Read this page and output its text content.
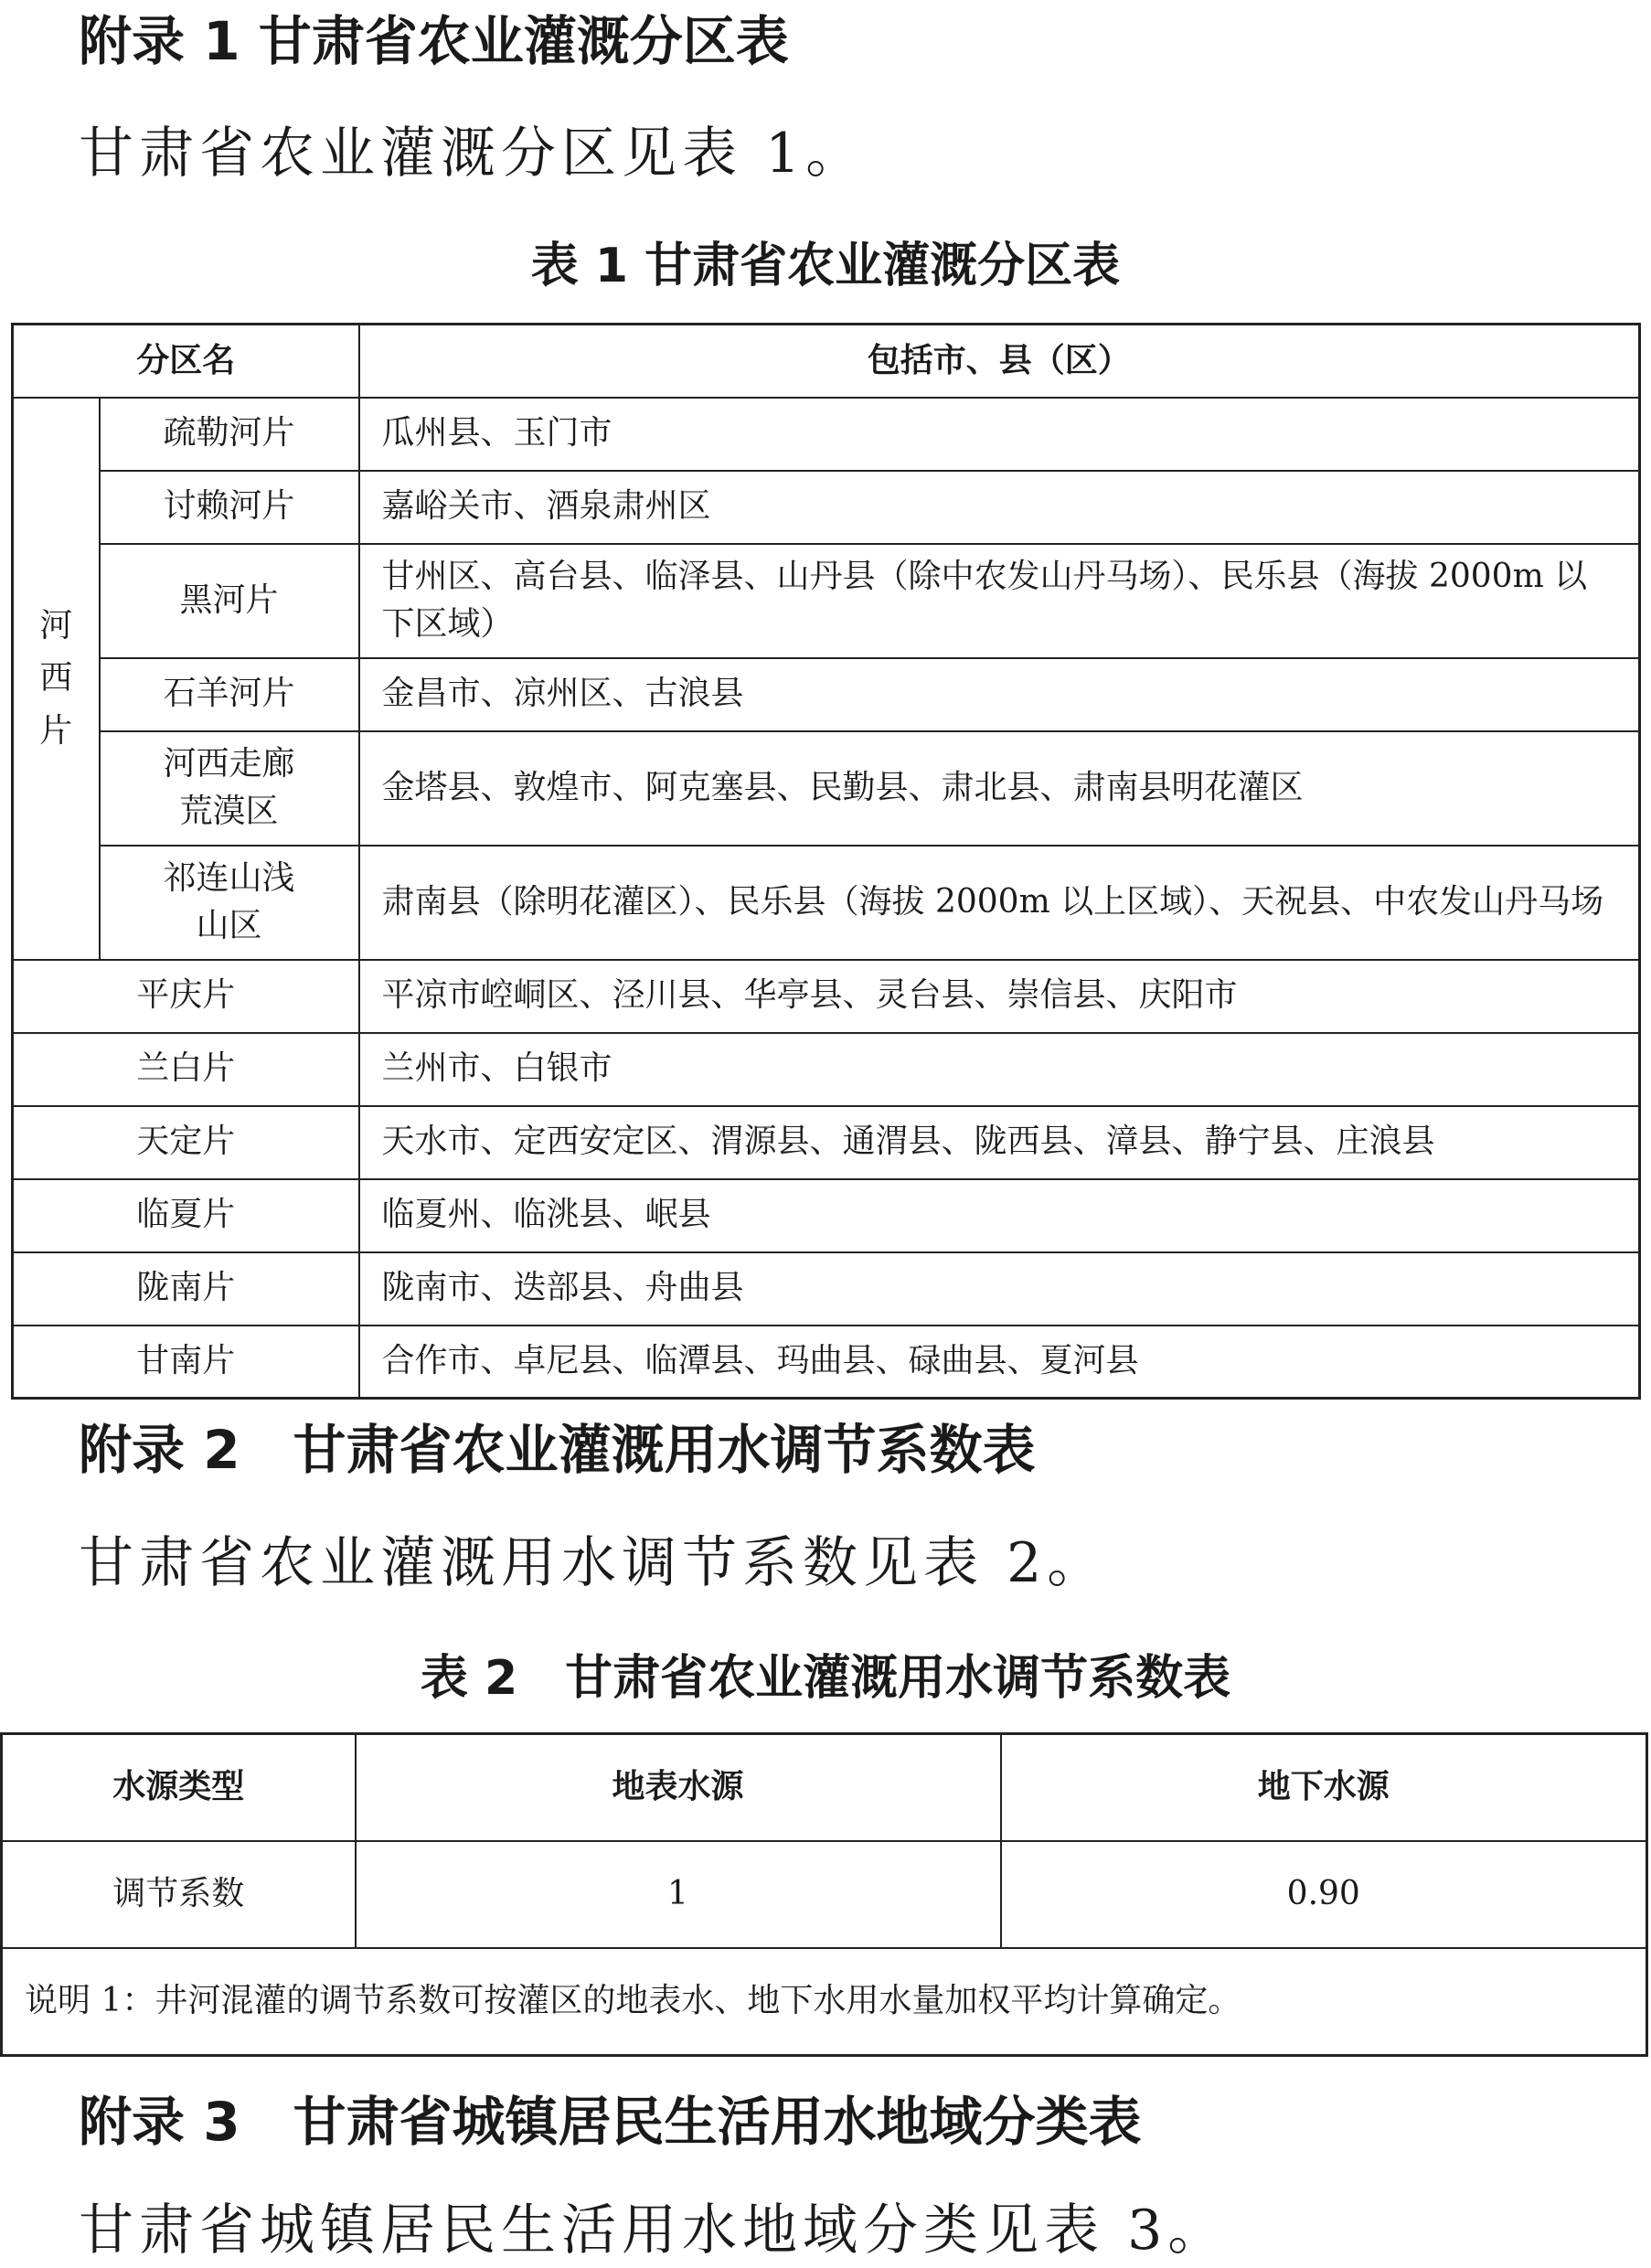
附录 1 甘肃省农业灌溉分区表
甘肃省农业灌溉分区见表 1。
表 1 甘肃省农业灌溉分区表
分区名		包括市、县（区）
河
西
片	疏勒河片	瓜州县、玉门市
	讨赖河片	嘉峪关市、酒泉肃州区
	黑河片	甘州区、高台县、临泽县、山丹县（除中农发山丹马场）、民乐县（海拔 2000m 以下区域）
	石羊河片	金昌市、凉州区、古浪县
	河西走廊荒漠区	金塔县、敦煌市、阿克塞县、民勤县、肃北县、肃南县明花灌区
	祁连山浅山区	肃南县（除明花灌区）、民乐县（海拔 2000m 以上区域）、天祝县、中农发山丹马场
平庆片		平凉市崆峒区、泾川县、华亭县、灵台县、崇信县、庆阳市
兰白片		兰州市、白银市
天定片		天水市、定西安定区、渭源县、通渭县、陇西县、漳县、静宁县、庄浪县
临夏片		临夏州、临洮县、岷县
陇南片		陇南市、迭部县、舟曲县
甘南片		合作市、卓尼县、临潭县、玛曲县、碌曲县、夏河县
附录 2　甘肃省农业灌溉用水调节系数表
甘肃省农业灌溉用水调节系数见表 2。
表 2　甘肃省农业灌溉用水调节系数表
水源类型	地表水源	地下水源
调节系数	1	0.90
说明 1：井河混灌的调节系数可按灌区的地表水、地下水用水量加权平均计算确定。		
附录 3　甘肃省城镇居民生活用水地域分类表
甘肃省城镇居民生活用水地域分类见表 3。
